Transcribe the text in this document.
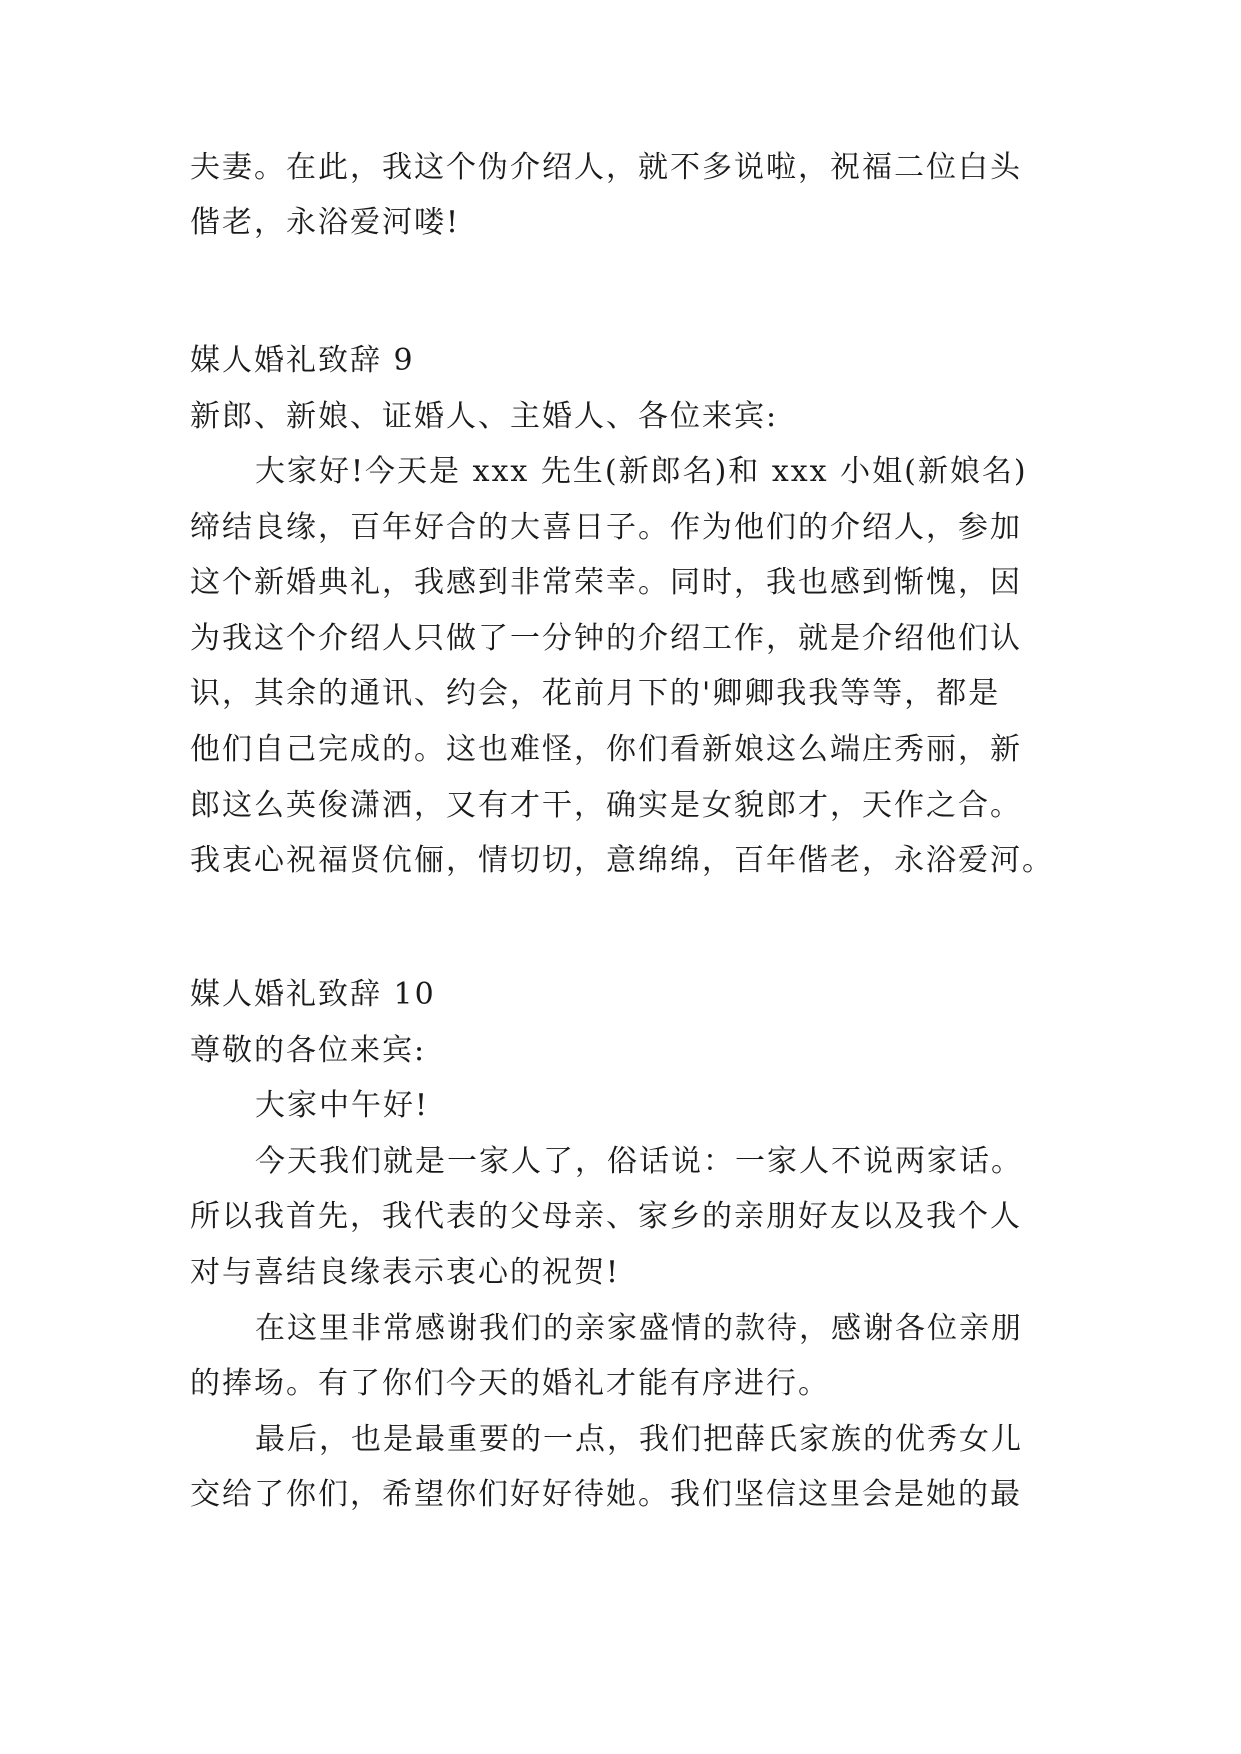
夫妻。在此，我这个伪介绍人，就不多说啦，祝福二位白头
偕老，永浴爱河喽!
媒人婚礼致辞 9
新郎、新娘、证婚人、主婚人、各位来宾:
大家好!今天是 xxx 先生(新郎名)和 xxx 小姐(新娘名)
缔结良缘，百年好合的大喜日子。作为他们的介绍人，参加
这个新婚典礼，我感到非常荣幸。同时，我也感到惭愧，因
为我这个介绍人只做了一分钟的介绍工作，就是介绍他们认
识，其余的通讯、约会，花前月下的'卿卿我我等等，都是
他们自己完成的。这也难怪，你们看新娘这么端庄秀丽，新
郎这么英俊潇洒，又有才干，确实是女貌郎才，天作之合。
我衷心祝福贤伉俪，情切切，意绵绵，百年偕老，永浴爱河。
媒人婚礼致辞 10
尊敬的各位来宾:
大家中午好!
今天我们就是一家人了，俗话说：一家人不说两家话。
所以我首先，我代表的父母亲、家乡的亲朋好友以及我个人
对与喜结良缘表示衷心的祝贺!
在这里非常感谢我们的亲家盛情的款待，感谢各位亲朋
的捧场。有了你们今天的婚礼才能有序进行。
最后，也是最重要的一点，我们把薛氏家族的优秀女儿
交给了你们，希望你们好好待她。我们坚信这里会是她的最
